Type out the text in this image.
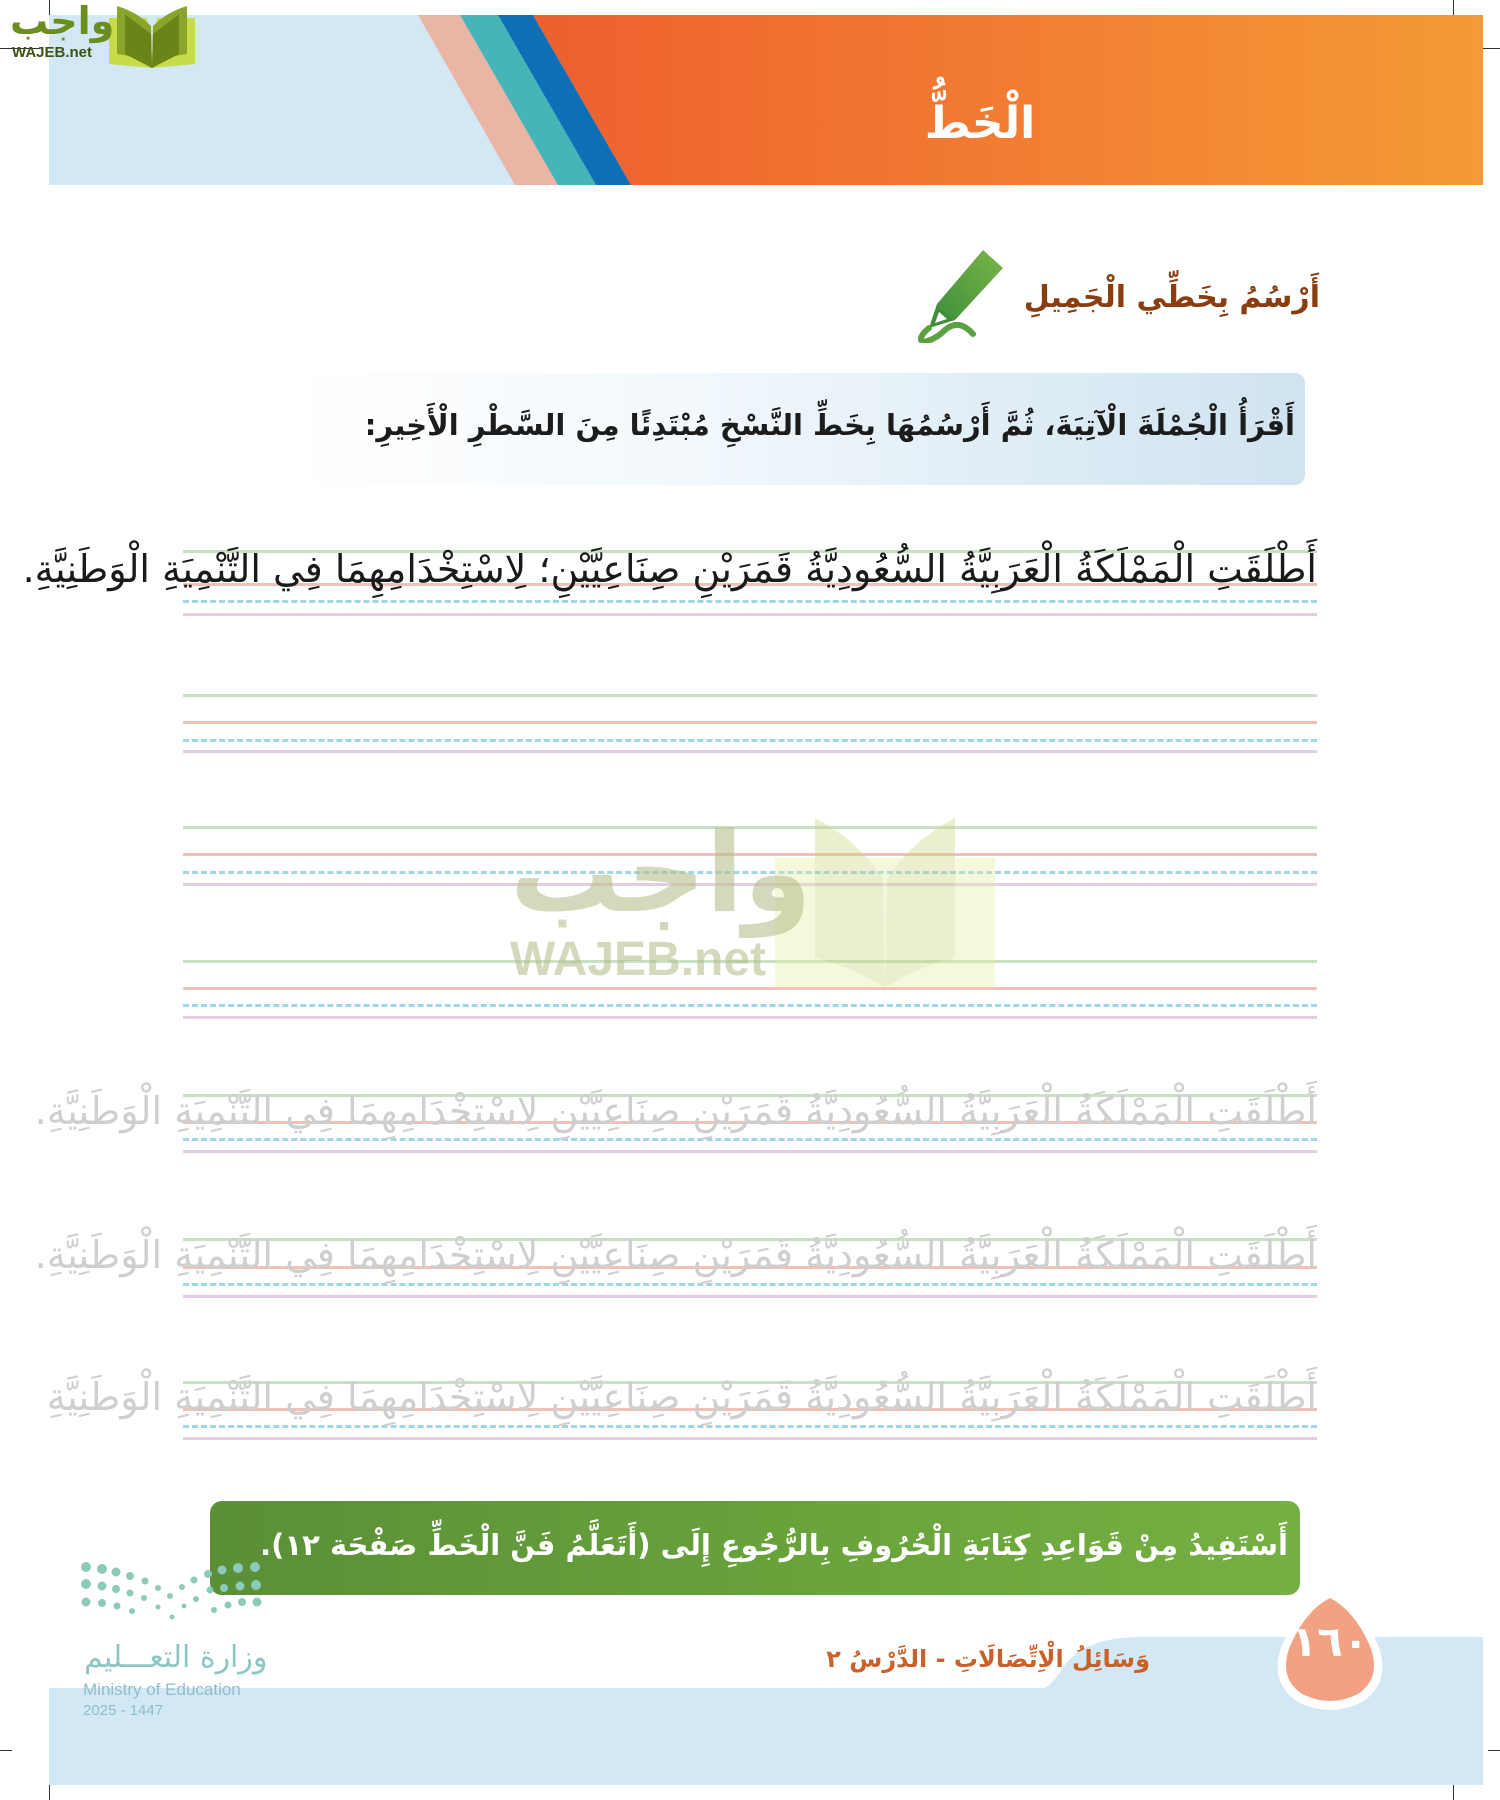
الْخَطُّ
واجب
WAJEB.net
أَرْسُمُ بِخَطِّي الْجَمِيلِ
أَقْرَأُ الْجُمْلَةَ الْآتِيَةَ، ثُمَّ أَرْسُمُهَا بِخَطِّ النَّسْخِ مُبْتَدِئًا مِنَ السَّطْرِ الْأَخِيرِ:
أَطْلَقَتِ الْمَمْلَكَةُ الْعَرَبِيَّةُ السُّعُودِيَّةُ قَمَرَيْنِ صِنَاعِيَّيْنِ؛ لِاسْتِخْدَامِهِمَا فِي التَّنْمِيَةِ الْوَطَنِيَّةِ.
أَطْلَقَتِ الْمَمْلَكَةُ الْعَرَبِيَّةُ السُّعُودِيَّةُ قَمَرَيْنِ صِنَاعِيَّيْنِ لِاسْتِخْدَامِهِمَا فِي التَّنْمِيَةِ الْوَطَنِيَّةِ.
أَطْلَقَتِ الْمَمْلَكَةُ الْعَرَبِيَّةُ السُّعُودِيَّةُ قَمَرَيْنِ صِنَاعِيَّيْنِ لِاسْتِخْدَامِهِمَا فِي التَّنْمِيَةِ الْوَطَنِيَّةِ.
أَطْلَقَتِ الْمَمْلَكَةُ الْعَرَبِيَّةُ السُّعُودِيَّةُ قَمَرَيْنِ صِنَاعِيَّيْنِ لِاسْتِخْدَامِهِمَا فِي التَّنْمِيَةِ الْوَطَنِيَّةِ
واجب
WAJEB.net
أَسْتَفِيدُ مِنْ قَوَاعِدِ كِتَابَةِ الْحُرُوفِ بِالرُّجُوعِ إِلَى (أَتَعَلَّمُ فَنَّ الْخَطِّ صَفْحَة ١٢).
وزارة التعـــليم
Ministry of Education
2025 - 1447
وَسَائِلُ الْاِتِّصَالَاتِ - الدَّرْسُ ٢	١٦٠
